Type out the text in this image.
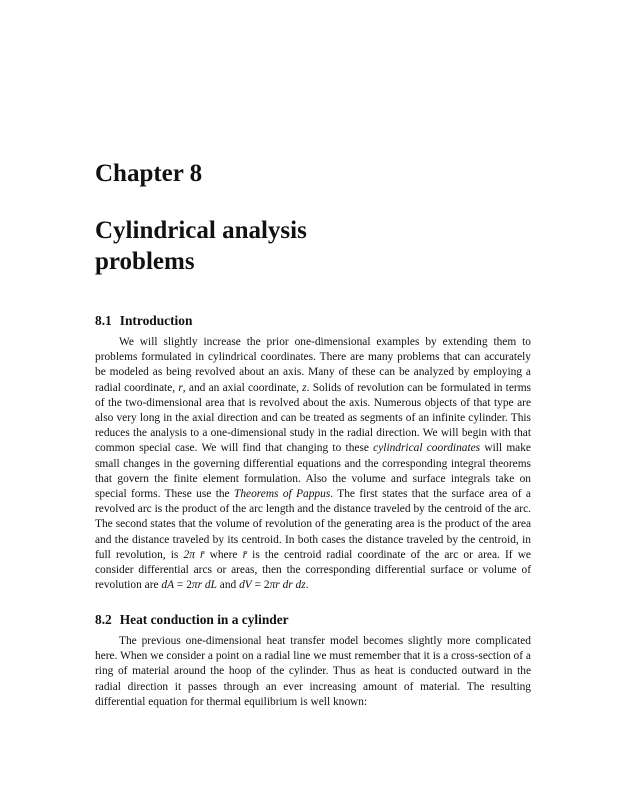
Chapter 8
Cylindrical analysis
problems
8.1 Introduction

We will slightly increase the prior one-dimensional examples by extending them to problems formulated in cylindrical coordinates. There are many problems that can accurately be modeled as being revolved about an axis. Many of these can be analyzed by employing a radial coordinate, r, and an axial coordinate, z. Solids of revolution can be formulated in terms of the two-dimensional area that is revolved about the axis. Numerous objects of that type are also very long in the axial direction and can be treated as segments of an infinite cylinder. This reduces the analysis to a one-dimensional study in the radial direction. We will begin with that common special case. We will find that changing to these cylindrical coordinates will make small changes in the governing differential equations and the corresponding integral theorems that govern the finite element formulation. Also the volume and surface integrals take on special forms. These use the Theorems of Pappus. The first states that the surface area of a revolved arc is the product of the arc length and the distance traveled by the centroid of the arc. The second states that the volume of revolution of the generating area is the product of the area and the distance traveled by its centroid. In both cases the distance traveled by the centroid, in full revolution, is 2π r̄ where r̄ is the centroid radial coordinate of the arc or area. If we consider differential arcs or areas, then the corresponding differential surface or volume of revolution are dA = 2πr dL and dV = 2πr dr dz.

8.2 Heat conduction in a cylinder

The previous one-dimensional heat transfer model becomes slightly more complicated here. When we consider a point on a radial line we must remember that it is a cross-section of a ring of material around the hoop of the cylinder. Thus as heat is conducted outward in the radial direction it passes through an ever increasing amount of material. The resulting differential equation for thermal equilibrium is well known:
